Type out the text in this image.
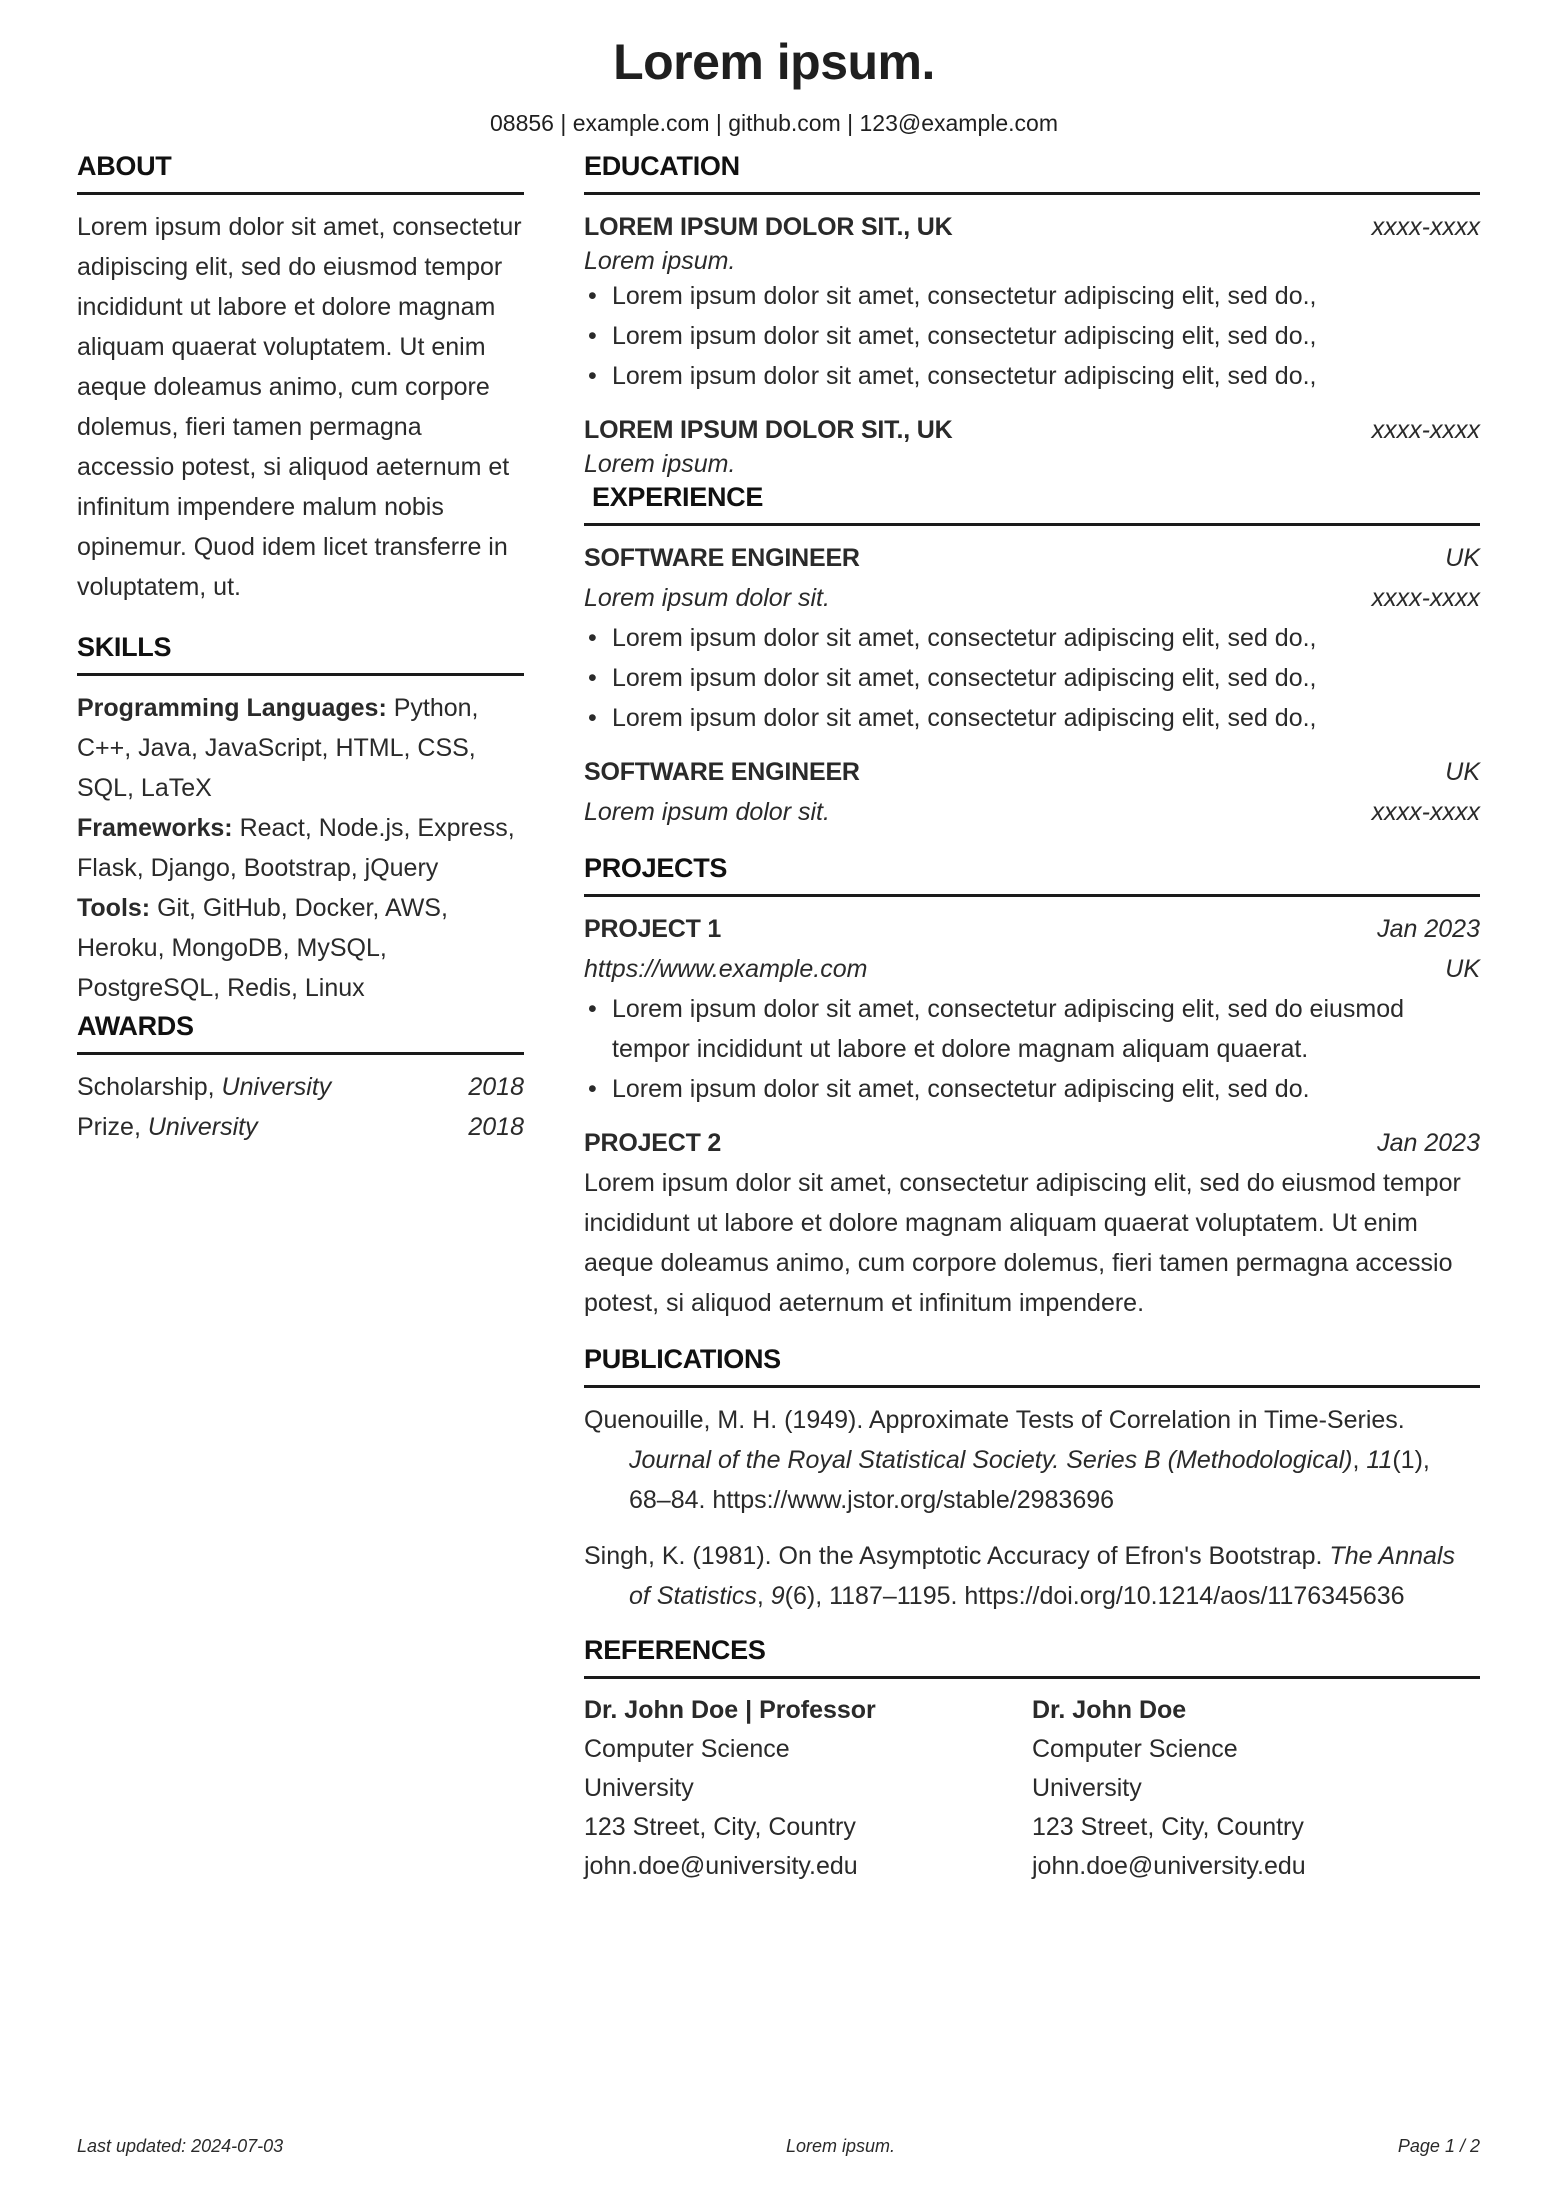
Lorem ipsum.
08856 | example.com | github.com | 123@example.com
ABOUT
Lorem ipsum dolor sit amet, consectetur adipiscing elit, sed do eiusmod tempor incididunt ut labore et dolore magnam aliquam quaerat voluptatem. Ut enim aeque doleamus animo, cum corpore dolemus, fieri tamen permagna accessio potest, si aliquod aeternum et infinitum impendere malum nobis opinemur. Quod idem licet transferre in voluptatem, ut.
SKILLS
Programming Languages: Python, C++, Java, JavaScript, HTML, CSS, SQL, LaTeX
Frameworks: React, Node.js, Express, Flask, Django, Bootstrap, jQuery
Tools: Git, GitHub, Docker, AWS, Heroku, MongoDB, MySQL, PostgreSQL, Redis, Linux
AWARDS
Scholarship, University	2018
Prize, University	2018
EDUCATION
LOREM IPSUM DOLOR SIT., UK	xxxx-xxxx
Lorem ipsum.
• Lorem ipsum dolor sit amet, consectetur adipiscing elit, sed do.,
• Lorem ipsum dolor sit amet, consectetur adipiscing elit, sed do.,
• Lorem ipsum dolor sit amet, consectetur adipiscing elit, sed do.,
LOREM IPSUM DOLOR SIT., UK	xxxx-xxxx
Lorem ipsum.
EXPERIENCE
SOFTWARE ENGINEER	UK
Lorem ipsum dolor sit.	xxxx-xxxx
• Lorem ipsum dolor sit amet, consectetur adipiscing elit, sed do.,
• Lorem ipsum dolor sit amet, consectetur adipiscing elit, sed do.,
• Lorem ipsum dolor sit amet, consectetur adipiscing elit, sed do.,
SOFTWARE ENGINEER	UK
Lorem ipsum dolor sit.	xxxx-xxxx
PROJECTS
PROJECT 1	Jan 2023
https://www.example.com	UK
• Lorem ipsum dolor sit amet, consectetur adipiscing elit, sed do eiusmod tempor incididunt ut labore et dolore magnam aliquam quaerat.
• Lorem ipsum dolor sit amet, consectetur adipiscing elit, sed do.
PROJECT 2	Jan 2023
Lorem ipsum dolor sit amet, consectetur adipiscing elit, sed do eiusmod tempor incididunt ut labore et dolore magnam aliquam quaerat voluptatem. Ut enim aeque doleamus animo, cum corpore dolemus, fieri tamen permagna accessio potest, si aliquod aeternum et infinitum impendere.
PUBLICATIONS
Quenouille, M. H. (1949). Approximate Tests of Correlation in Time-Series. Journal of the Royal Statistical Society. Series B (Methodological), 11(1), 68–84. https://www.jstor.org/stable/2983696
Singh, K. (1981). On the Asymptotic Accuracy of Efron's Bootstrap. The Annals of Statistics, 9(6), 1187–1195. https://doi.org/10.1214/aos/1176345636
REFERENCES
Dr. John Doe | Professor
Computer Science
University
123 Street, City, Country
john.doe@university.edu
Dr. John Doe
Computer Science
University
123 Street, City, Country
john.doe@university.edu
Last updated: 2024-07-03	Lorem ipsum.	Page 1 / 2
